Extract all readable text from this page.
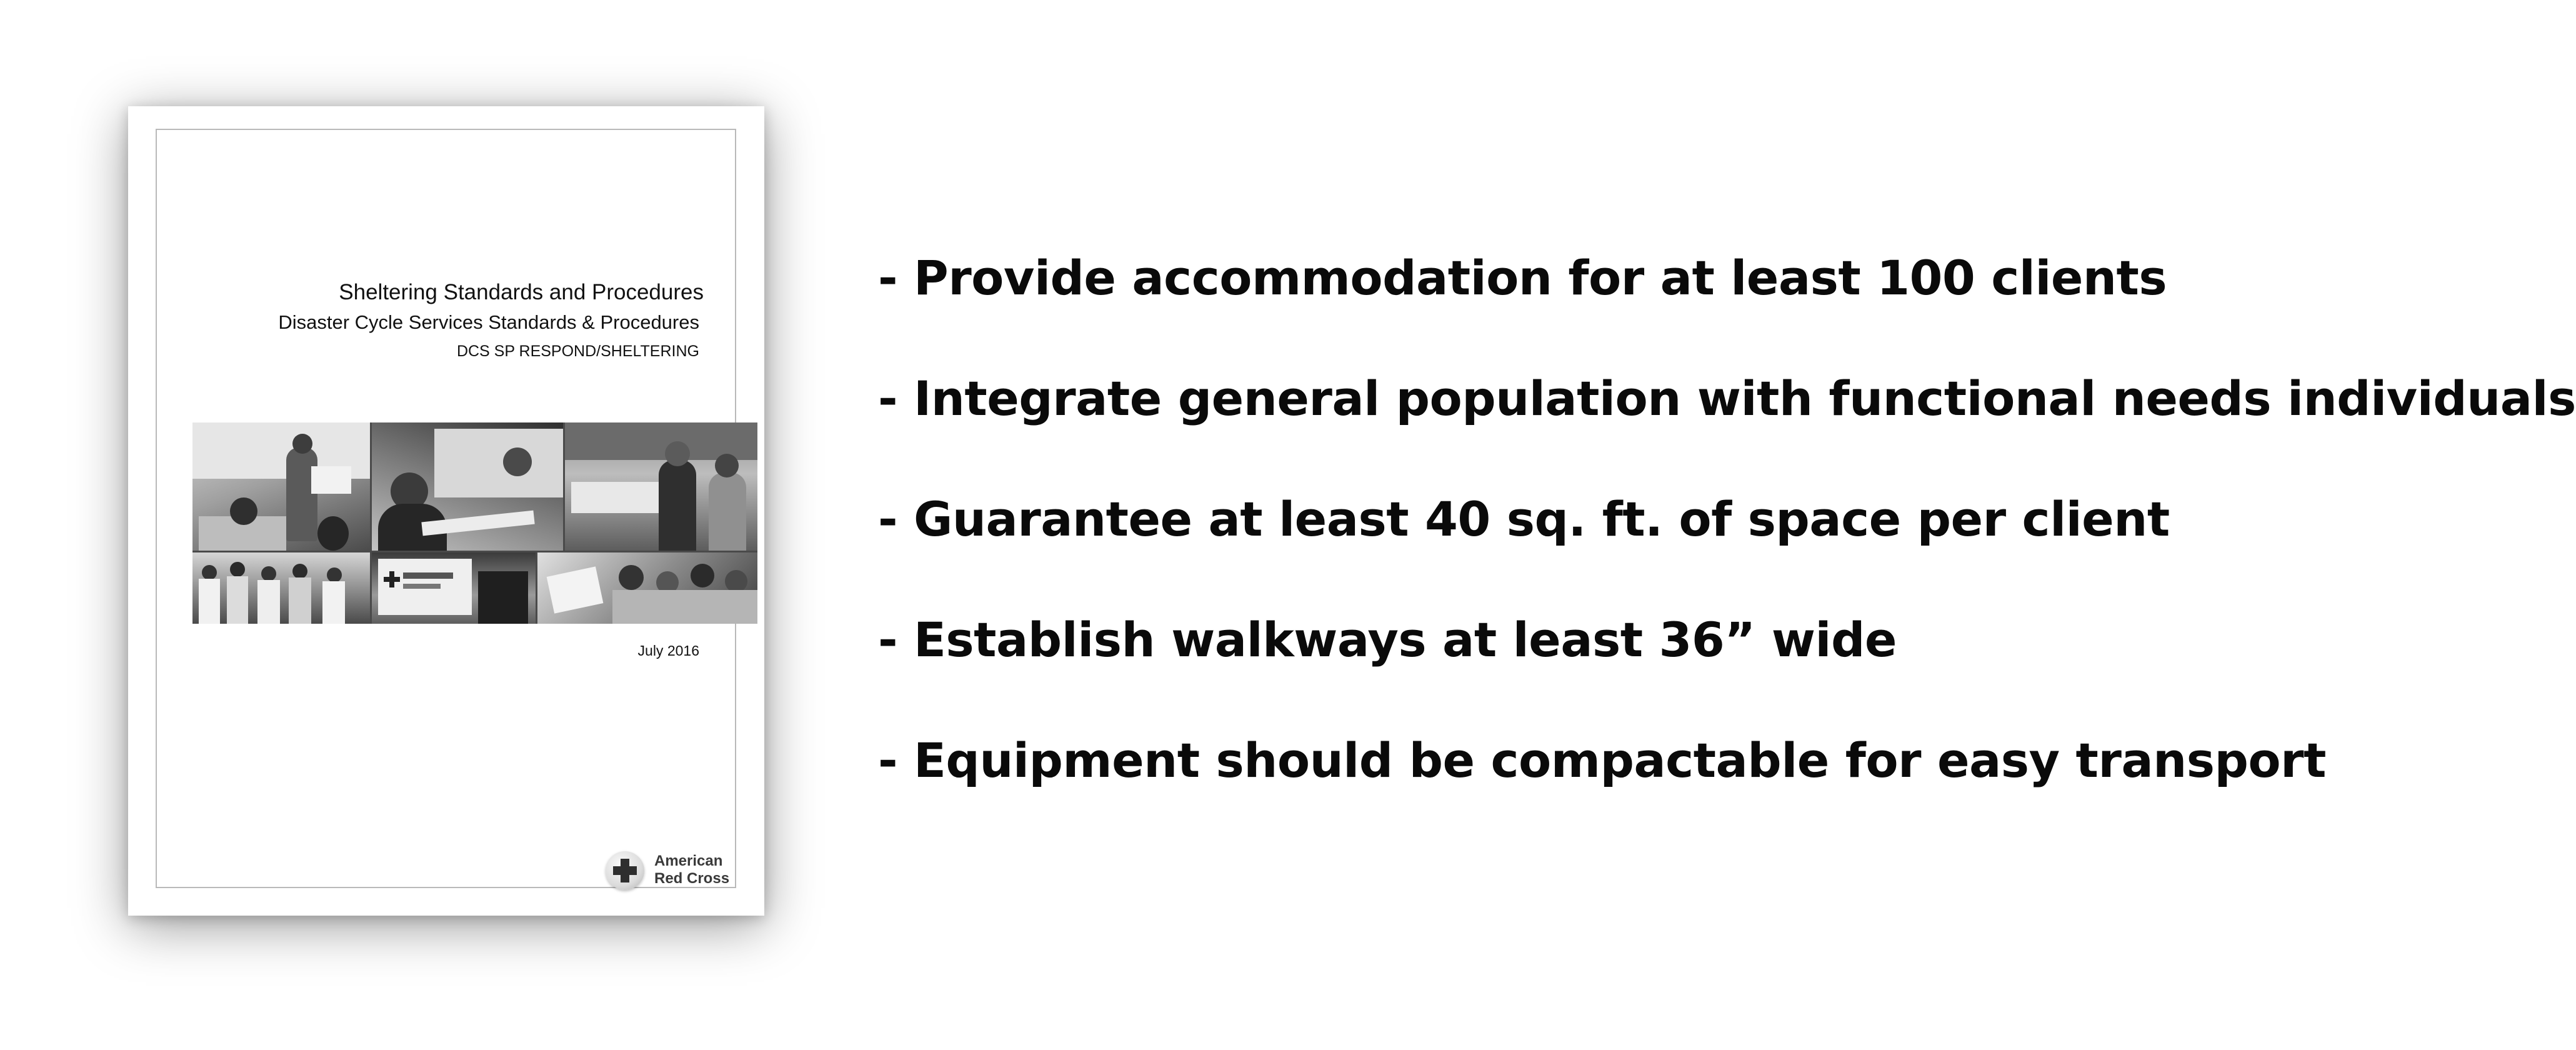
Sheltering Standards and Procedures
Disaster Cycle Services Standards & Procedures
DCS SP RESPOND/SHELTERING
July 2016
American
Red Cross
- Provide accommodation for at least 100 clients
- Integrate general population with functional needs individuals
- Guarantee at least 40 sq. ft. of space per client
- Establish walkways at least 36” wide
- Equipment should be compactable for easy transport
